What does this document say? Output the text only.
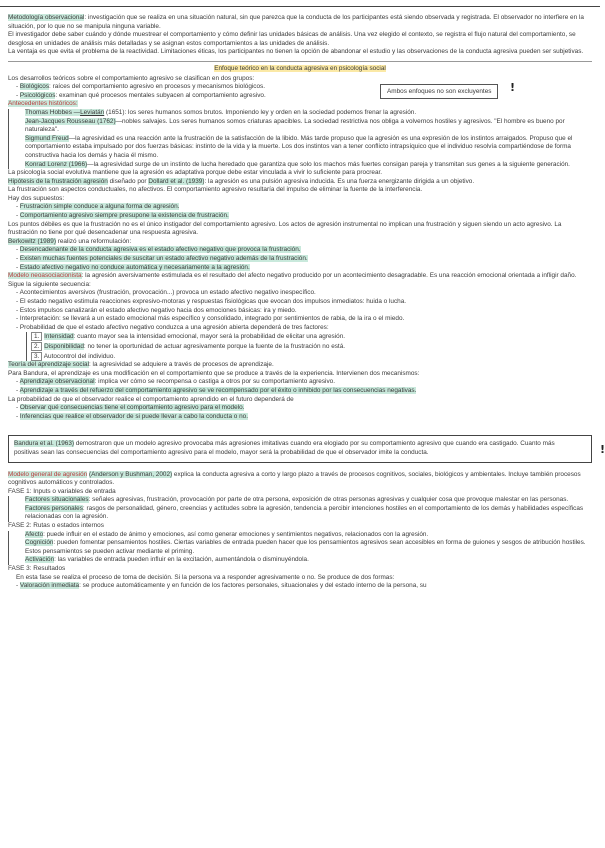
Metodología observacional: investigación que se realiza en una situación natural, sin que parezca que la conducta de los participantes está siendo observada y registrada. El observador no interfiere en la situación, por lo que no se manipula ninguna variable.

El investigador debe saber cuándo y dónde muestrear el comportamiento y cómo definir las unidades básicas de análisis. Una vez elegido el contexto, se registra el flujo natural del comportamiento, se desglosa en unidades de análisis más detalladas y se asignan estos comportamientos a las unidades de análisis.

La ventaja es que evita el problema de la reactividad. Limitaciones éticas, los participantes no tienen la opción de abandonar el estudio y las observaciones de la conducta agresiva pueden ser subjetivas.

Enfoque teórico en la conducta agresiva en psicología social

Los desarrollos teóricos sobre el comportamiento agresivo se clasifican en dos grupos:

- Biológicos: raíces del comportamiento agresivo en procesos y mecanismos biológicos.

- Psicológicos: examinan qué procesos mentales subyacen al comportamiento agresivo.

Ambos enfoques no son excluyentes	!

Antecedentes históricos:

Thomas Hobbes —Leviatán (1651): los seres humanos somos brutos. Imponiendo ley y orden en la sociedad podemos frenar la agresión.

Jean-Jacques Rousseau (1762)—nobles salvajes. Los seres humanos somos criaturas apacibles. La sociedad restrictiva nos obliga a volvernos hostiles y agresivos. "El hombre es bueno por naturaleza".

Sigmund Freud—la agresividad es una reacción ante la frustración de la satisfacción de la libido. Más tarde propuso que la agresión es una expresión de los instintos arraigados. Propuso que el comportamiento estaba impulsado por dos fuerzas básicas: instinto de la vida y la muerte. Los dos instintos van a tener conflicto intrapsíquico que el individuo resolvía compartiéndose de forma constructiva hacia los demás y hacia él mismo.

Konrad Lorenz (1966)—la agresividad surge de un instinto de lucha heredado que garantiza que solo los machos más fuertes consigan pareja y transmitan sus genes a la siguiente generación.

La psicología social evolutiva mantiene que la agresión es adaptativa porque debe estar vinculada a vivir lo suficiente para procrear.

Hipótesis de la frustración agresión diseñado por Dollard et al. (1939): la agresión es una pulsión agresiva inducida. Es una fuerza energizante dirigida a un objetivo.

La frustración son aspectos conductuales, no afectivos. El comportamiento agresivo resultaría del impulso de eliminar la fuente de la interferencia.

Hay dos supuestos:

- Frustración simple conduce a alguna forma de agresión.

- Comportamiento agresivo siempre presupone la existencia de frustración.

Los puntos débiles es que la frustración no es el único instigador del comportamiento agresivo. Los actos de agresión instrumental no implican una frustración y siguen siendo un acto agresivo. La frustración no tiene por qué desencadenar una respuesta agresiva.

Berkowitz (1989) realizó una reformulación:

- Desencadenante de la conducta agresiva es el estado afectivo negativo que provoca la frustración.

- Existen muchas fuentes potenciales de suscitar un estado afectivo negativo además de la frustración.

- Estado afectivo negativo no conduce automática y necesariamente a la agresión.

Modelo neoasociacionista: la agresión aversivamente estimulada es el resultado del afecto negativo producido por un acontecimiento desagradable. Es una reacción emocional orientada a infligir daño. Sigue la siguiente secuencia:

- Acontecimientos aversivos (frustración, provocación...) provoca un estado afectivo negativo inespecífico.

- El estado negativo estimula reacciones expresivo-motoras y respuestas fisiológicas que evocan dos impulsos inmediatos: huida o lucha.

- Estos impulsos canalizarán el estado afectivo negativo hacia dos emociones básicas: ira y miedo.

- Interpretación: se llevará a un estado emocional más específico y consolidado, integrado por sentimientos de rabia, de la ira o el miedo.

- Probabilidad de que el estado afectivo negativo conduzca a una agresión abierta dependerá de tres factores:

1. Intensidad: cuanto mayor sea la intensidad emocional, mayor será la probabilidad de elicitar una agresión.

2. Disponibilidad: no tener la oportunidad de actuar agresivamente porque la fuente de la frustración no está.

3. Autocontrol del individuo.

Teoría del aprendizaje social: la agresividad se adquiere a través de procesos de aprendizaje.

Para Bandura, el aprendizaje es una modificación en el comportamiento que se produce a través de la experiencia. Intervienen dos mecanismos:

- Aprendizaje observacional: implica ver cómo se recompensa o castiga a otros por su comportamiento agresivo.

- Aprendizaje a través del refuerzo del comportamiento agresivo se ve recompensado por el éxito o inhibido por las consecuencias negativas.

La probabilidad de que el observador realice el comportamiento aprendido en el futuro dependerá de

- Observar qué consecuencias tiene el comportamiento agresivo para el modelo.

- Inferencias que realice el observador de si puede llevar a cabo la conducta o no.

Bandura et al. (1963) demostraron que un modelo agresivo provocaba más agresiones imitativas cuando era elogiado por su comportamiento agresivo que cuando era castigado. Cuanto más positivas sean las consecuencias del comportamiento agresivo para el modelo, mayor será la probabilidad de que el observador imite la conducta.	!

Modelo general de agresión (Anderson y Bushman, 2002) explica la conducta agresiva a corto y largo plazo a través de procesos cognitivos, sociales, biológicos y ambientales. Incluye también procesos cognitivos automáticos y controlados.

FASE 1: Inputs o variables de entrada

Factores situacionales: señales agresivas, frustración, provocación por parte de otra persona, exposición de otras personas agresivas y cualquier cosa que provoque malestar en las personas.

Factores personales: rasgos de personalidad, género, creencias y actitudes sobre la agresión, tendencia a percibir intenciones hostiles en el comportamiento de los demás y habilidades específicas relacionadas con la agresión.

FASE 2: Rutas o estados internos

Afecto: puede influir en el estado de ánimo y emociones, así como generar emociones y sentimientos negativos, relacionados con la agresión.

Cognición: pueden fomentar pensamientos hostiles. Ciertas variables de entrada pueden hacer que los pensamientos agresivos sean accesibles en forma de guiones y sesgos de atribución hostiles. Estos pensamientos se pueden activar mediante el priming.

Activación: las variables de entrada pueden influir en la excitación, aumentándola o disminuyéndola.

FASE 3: Resultados

En esta fase se realiza el proceso de toma de decisión. Si la persona va a responder agresivamente o no. Se produce de dos formas:

- Valoración inmediata: se produce automáticamente y en función de los factores personales, situacionales y del estado interno de la persona, su
